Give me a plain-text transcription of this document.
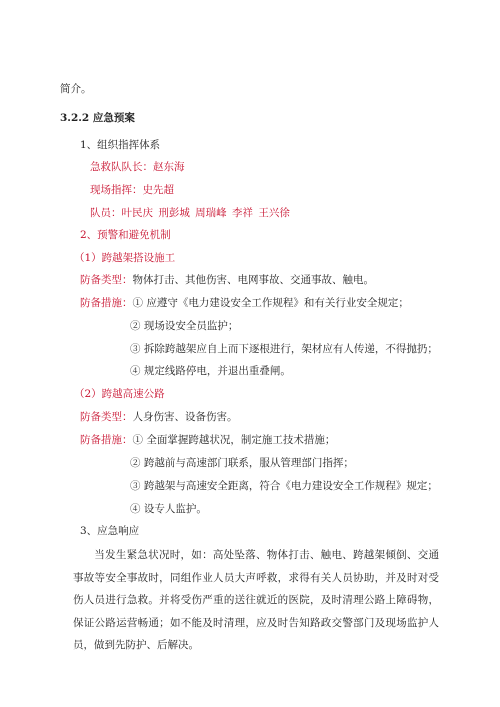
简介。
3.2.2 应急预案
1、组织指挥体系
急救队队长：赵东海
现场指挥：史先超
队员：叶民庆 刑彭城 周瑞峰 李祥 王兴徐
2、预警和避免机制
（1）跨越架搭设施工
防备类型：物体打击、其他伤害、电网事故、交通事故、触电。
防备措施：① 应遵守《电力建设安全工作规程》和有关行业安全规定；
② 现场设安全员监护；
③ 拆除跨越架应自上而下逐根进行，架材应有人传递，不得抛扔；
④ 规定线路停电，并退出重叠闸。
（2）跨越高速公路
防备类型：人身伤害、设备伤害。
防备措施：① 全面掌握跨越状况，制定施工技术措施；
② 跨越前与高速部门联系，服从管理部门指挥；
③ 跨越架与高速安全距离，符合《电力建设安全工作规程》规定；
④ 设专人监护。
3、应急响应
当发生紧急状况时，如：高处坠落、物体打击、触电、跨越架倾倒、交通事故等安全事故时，同组作业人员大声呼救，求得有关人员协助，并及时对受伤人员进行急救。并将受伤严重的送往就近的医院，及时清理公路上障碍物，保证公路运营畅通；如不能及时清理，应及时告知路政交警部门及现场监护人员，做到先防护、后解决。
